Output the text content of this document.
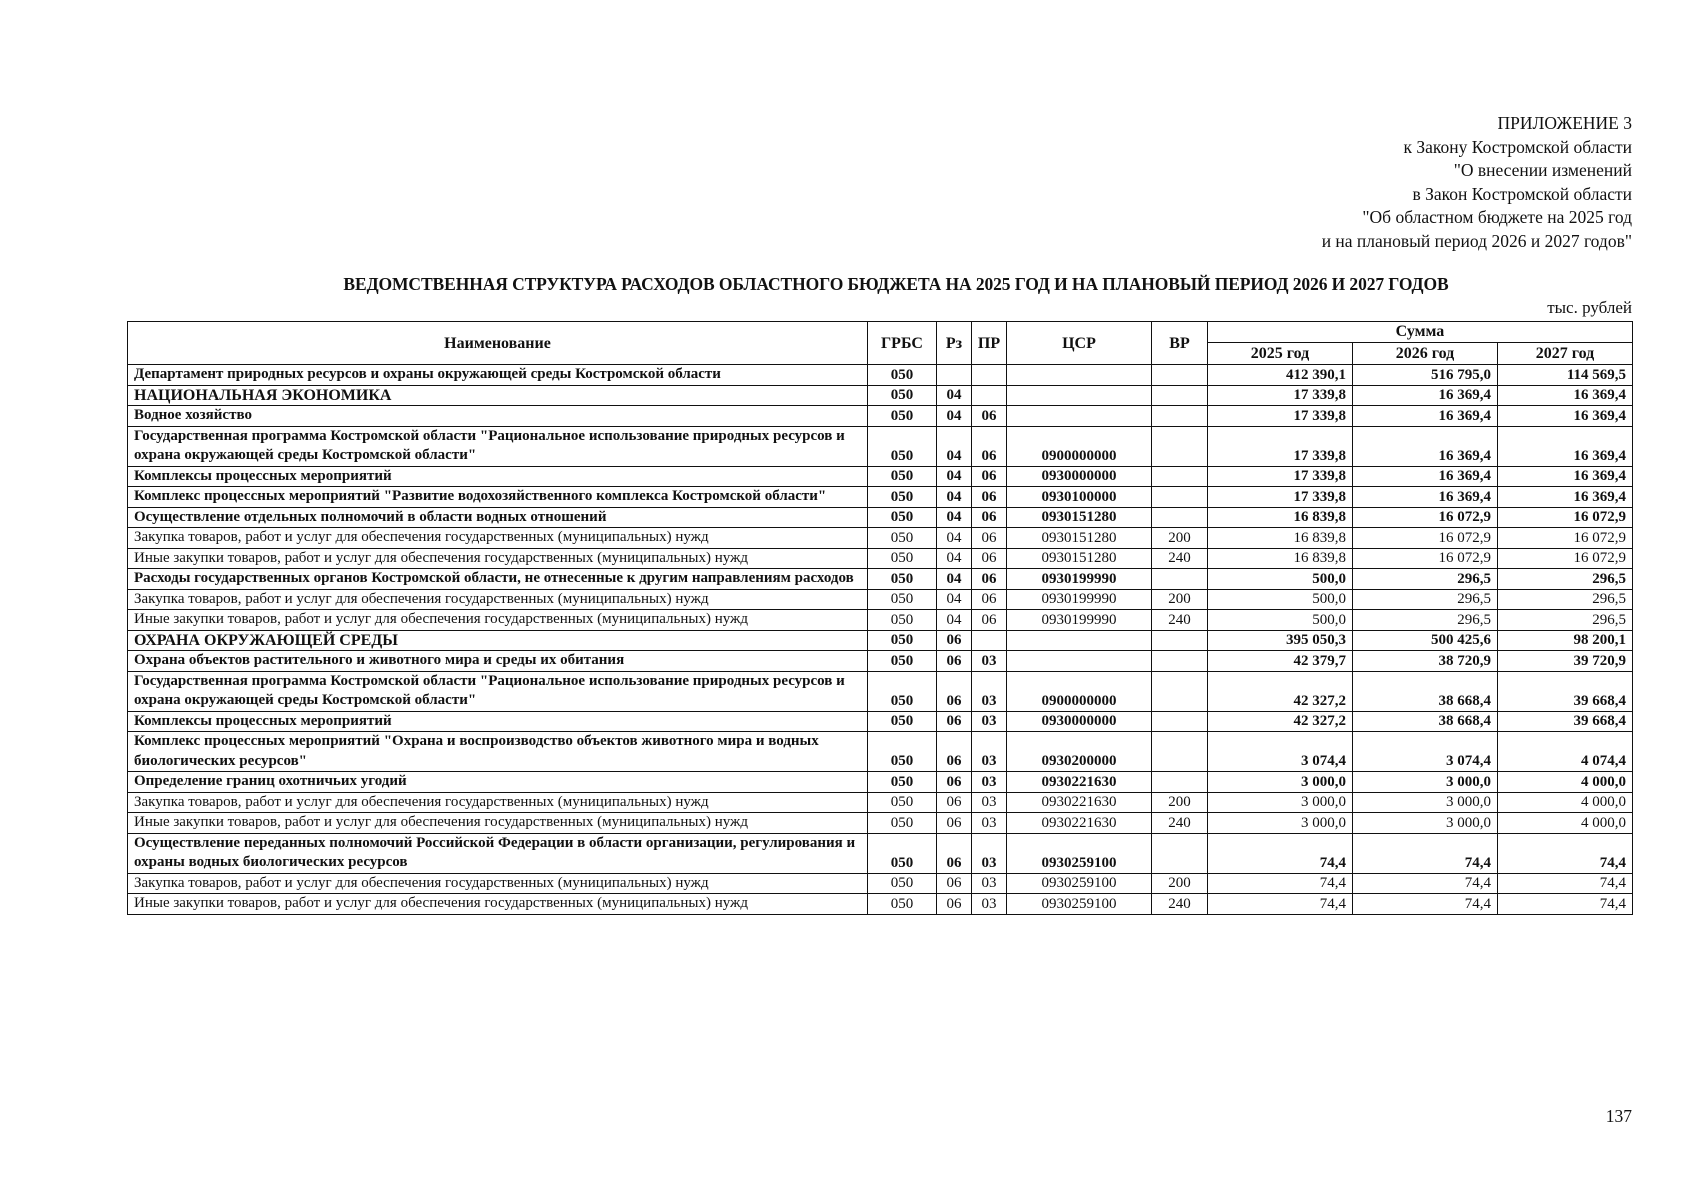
ПРИЛОЖЕНИЕ 3
к Закону Костромской области
"О внесении изменений
в Закон Костромской области
"Об областном бюджете на 2025 год
и на плановый период 2026 и 2027 годов"
ВЕДОМСТВЕННАЯ СТРУКТУРА РАСХОДОВ ОБЛАСТНОГО БЮДЖЕТА НА 2025 ГОД И НА ПЛАНОВЫЙ ПЕРИОД 2026 И 2027 ГОДОВ
тыс. рублей
Наименование	ГРБС	Рз	ПР	ЦСР	ВР	Сумма		
						2025 год	2026 год	2027 год
Департамент природных ресурсов и охраны окружающей среды Костромской области	050					412 390,1	516 795,0	114 569,5
НАЦИОНАЛЬНАЯ ЭКОНОМИКА	050	04				17 339,8	16 369,4	16 369,4
Водное хозяйство	050	04	06			17 339,8	16 369,4	16 369,4
Государственная программа Костромской области "Рациональное использование природных ресурсов и охрана окружающей среды Костромской области"	050	04	06	0900000000		17 339,8	16 369,4	16 369,4
Комплексы процессных мероприятий	050	04	06	0930000000		17 339,8	16 369,4	16 369,4
Комплекс процессных мероприятий "Развитие водохозяйственного комплекса Костромской области"	050	04	06	0930100000		17 339,8	16 369,4	16 369,4
Осуществление отдельных полномочий в области водных отношений	050	04	06	0930151280		16 839,8	16 072,9	16 072,9
Закупка товаров, работ и услуг для обеспечения государственных (муниципальных) нужд	050	04	06	0930151280	200	16 839,8	16 072,9	16 072,9
Иные закупки товаров, работ и услуг для обеспечения государственных (муниципальных) нужд	050	04	06	0930151280	240	16 839,8	16 072,9	16 072,9
Расходы государственных органов Костромской области, не отнесенные к другим направлениям расходов	050	04	06	0930199990		500,0	296,5	296,5
Закупка товаров, работ и услуг для обеспечения государственных (муниципальных) нужд	050	04	06	0930199990	200	500,0	296,5	296,5
Иные закупки товаров, работ и услуг для обеспечения государственных (муниципальных) нужд	050	04	06	0930199990	240	500,0	296,5	296,5
ОХРАНА ОКРУЖАЮЩЕЙ СРЕДЫ	050	06				395 050,3	500 425,6	98 200,1
Охрана объектов растительного и животного мира и среды их обитания	050	06	03			42 379,7	38 720,9	39 720,9
Государственная программа Костромской области "Рациональное использование природных ресурсов и охрана окружающей среды Костромской области"	050	06	03	0900000000		42 327,2	38 668,4	39 668,4
Комплексы процессных мероприятий	050	06	03	0930000000		42 327,2	38 668,4	39 668,4
Комплекс процессных мероприятий "Охрана и воспроизводство объектов животного мира и водных биологических ресурсов"	050	06	03	0930200000		3 074,4	3 074,4	4 074,4
Определение границ охотничьих угодий	050	06	03	0930221630		3 000,0	3 000,0	4 000,0
Закупка товаров, работ и услуг для обеспечения государственных (муниципальных) нужд	050	06	03	0930221630	200	3 000,0	3 000,0	4 000,0
Иные закупки товаров, работ и услуг для обеспечения государственных (муниципальных) нужд	050	06	03	0930221630	240	3 000,0	3 000,0	4 000,0
Осуществление переданных полномочий Российской Федерации в области организации, регулирования и охраны водных биологических ресурсов	050	06	03	0930259100		74,4	74,4	74,4
Закупка товаров, работ и услуг для обеспечения государственных (муниципальных) нужд	050	06	03	0930259100	200	74,4	74,4	74,4
Иные закупки товаров, работ и услуг для обеспечения государственных (муниципальных) нужд	050	06	03	0930259100	240	74,4	74,4	74,4
137
